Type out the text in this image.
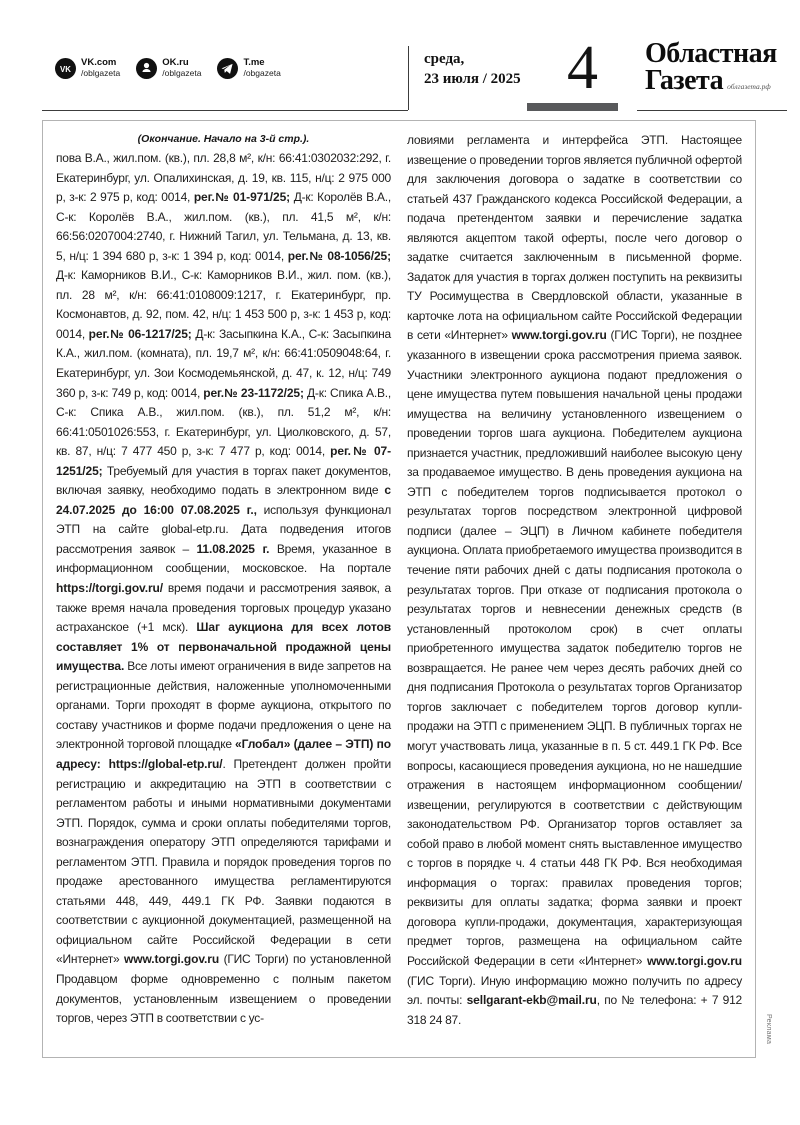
VK
VK.com
/oblgazeta
OK.ru
/oblgazeta
T.me
/obgazeta
среда,
23 июля / 2025 4	Областная
Газета облгазета.рф
(Окончание. Начало на 3-й стр.).
пова В.А., жил.пом. (кв.), пл. 28,8 м², к/н: 66:41:0302032:292, г. Екатеринбург, ул. Опалихинская, д. 19, кв. 115, н/ц: 2 975 000 р, з-к: 2 975 р, код: 0014, рег.№ 01-971/25; Д-к: Королёв В.А., С-к: Королёв В.А., жил.пом. (кв.), пл. 41,5 м², к/н: 66:56:0207004:2740, г. Нижний Тагил, ул. Тельмана, д. 13, кв. 5, н/ц: 1 394 680 р, з-к: 1 394 р, код: 0014, рег.№ 08-1056/25; Д-к: Каморников В.И., С-к: Каморников В.И., жил. пом. (кв.), пл. 28 м², к/н: 66:41:0108009:1217, г. Екатеринбург, пр. Космонавтов, д. 92, пом. 42, н/ц: 1 453 500 р, з-к: 1 453 р, код: 0014, рег.№ 06-1217/25; Д-к: Засыпкина К.А., С-к: Засыпкина К.А., жил.пом. (комната), пл. 19,7 м², к/н: 66:41:0509048:64, г. Екатеринбург, ул. Зои Космодемьянской, д. 47, к. 12, н/ц: 749 360 р, з-к: 749 р, код: 0014, рег.№ 23-1172/25; Д-к: Спика А.В., С-к: Спика А.В., жил.пом. (кв.), пл. 51,2 м², к/н: 66:41:0501026:553, г. Екатеринбург, ул. Циолковского, д. 57, кв. 87, н/ц: 7 477 450 р, з-к: 7 477 р, код: 0014, рег.№ 07-1251/25; Требуемый для участия в торгах пакет документов, включая заявку, необходимо подать в электронном виде с 24.07.2025 до 16:00 07.08.2025 г., используя функционал ЭТП на сайте global-etp.ru. Дата подведения итогов рассмотрения заявок – 11.08.2025 г. Время, указанное в информационном сообщении, московское. На портале https://torgi.gov.ru/ время подачи и рассмотрения заявок, а также время начала проведения торговых процедур указано астраханское (+1 мск). Шаг аукциона для всех лотов составляет 1% от первоначальной продажной цены имущества. Все лоты имеют ограничения в виде запретов на регистрационные действия, наложенные уполномоченными органами. Торги проходят в форме аукциона, открытого по составу участников и форме подачи предложения о цене на электронной торговой площадке «Глобал» (далее – ЭТП) по адресу: https://global-etp.ru/. Претендент должен пройти регистрацию и аккредитацию на ЭТП в соответствии с регламентом работы и иными нормативными документами ЭТП. Порядок, сумма и сроки оплаты победителями торгов, вознаграждения оператору ЭТП определяются тарифами и регламентом ЭТП. Правила и порядок проведения торгов по продаже арестованного имущества регламентируются статьями 448, 449, 449.1 ГК РФ. Заявки подаются в соответствии с аукционной документацией, размещенной на официальном сайте Российской Федерации в сети «Интернет» www.torgi.gov.ru (ГИС Торги) по установленной Продавцом форме одновременно с полным пакетом документов, установленным извещением о проведении торгов, через ЭТП в соответствии с ус-
ловиями регламента и интерфейса ЭТП. Настоящее извещение о проведении торгов является публичной офертой для заключения договора о задатке в соответствии со статьей 437 Гражданского кодекса Российской Федерации, а подача претендентом заявки и перечисление задатка являются акцептом такой оферты, после чего договор о задатке считается заключенным в письменной форме. Задаток для участия в торгах должен поступить на реквизиты ТУ Росимущества в Свердловской области, указанные в карточке лота на официальном сайте Российской Федерации в сети «Интернет» www.torgi.gov.ru (ГИС Торги), не позднее указанного в извещении срока рассмотрения приема заявок. Участники электронного аукциона подают предложения о цене имущества путем повышения начальной цены продажи имущества на величину установленного извещением о проведении торгов шага аукциона. Победителем аукциона признается участник, предложивший наиболее высокую цену за продаваемое имущество. В день проведения аукциона на ЭТП с победителем торгов подписывается протокол о результатах торгов посредством электронной цифровой подписи (далее – ЭЦП) в Личном кабинете победителя аукциона. Оплата приобретаемого имущества производится в течение пяти рабочих дней с даты подписания протокола о результатах торгов. При отказе от подписания протокола о результатах торгов и невнесении денежных средств (в установленный протоколом срок) в счет оплаты приобретенного имущества задаток победителю торгов не возвращается. Не ранее чем через десять рабочих дней со дня подписания Протокола о результатах торгов Организатор торгов заключает с победителем торгов договор купли-продажи на ЭТП с применением ЭЦП. В публичных торгах не могут участвовать лица, указанные в п. 5 ст. 449.1 ГК РФ. Все вопросы, касающиеся проведения аукциона, но не нашедшие отражения в настоящем информационном сообщении/извещении, регулируются в соответствии с действующим законодательством РФ. Организатор торгов оставляет за собой право в любой момент снять выставленное имущество с торгов в порядке ч. 4 статьи 448 ГК РФ. Вся необходимая информация о торгах: правилах проведения торгов; реквизиты для оплаты задатка; форма заявки и проект договора купли-продажи, документация, характеризующая предмет торгов, размещена на официальном сайте Российской Федерации в сети «Интернет» www.torgi.gov.ru (ГИС Торги). Иную информацию можно получить по адресу эл. почты: sellgarant-ekb@mail.ru, по № телефона: + 7 912 318 24 87.	Реклама
